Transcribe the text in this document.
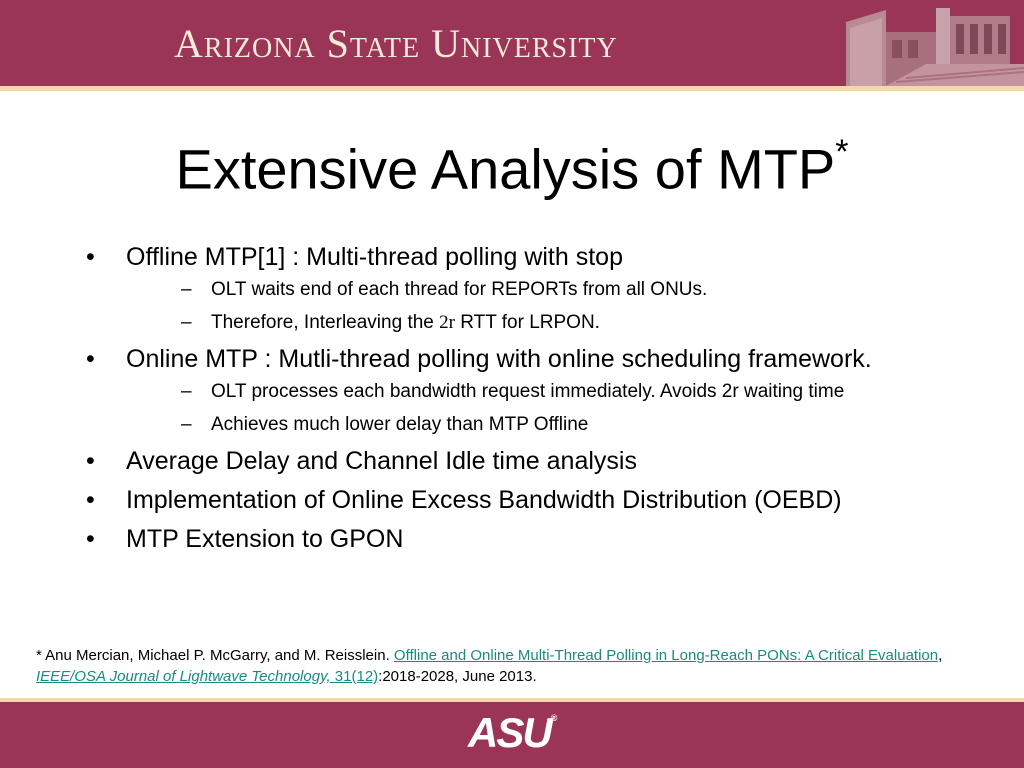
Arizona State University
Extensive Analysis of MTP*
• Offline MTP[1] : Multi-thread polling with stop
– OLT waits end of each thread for REPORTs from all ONUs.
– Therefore, Interleaving the 2r RTT for LRPON.
• Online MTP : Mutli-thread polling with online scheduling framework.
– OLT processes each bandwidth request immediately. Avoids 2r waiting time
– Achieves much lower delay than MTP Offline
• Average Delay and Channel Idle time analysis
• Implementation of Online Excess Bandwidth Distribution (OEBD)
• MTP Extension to GPON
* Anu Mercian, Michael P. McGarry, and M. Reisslein. Offline and Online Multi-Thread Polling in Long-Reach PONs: A Critical Evaluation, IEEE/OSA Journal of Lightwave Technology, 31(12):2018-2028, June 2013.
ASU®
